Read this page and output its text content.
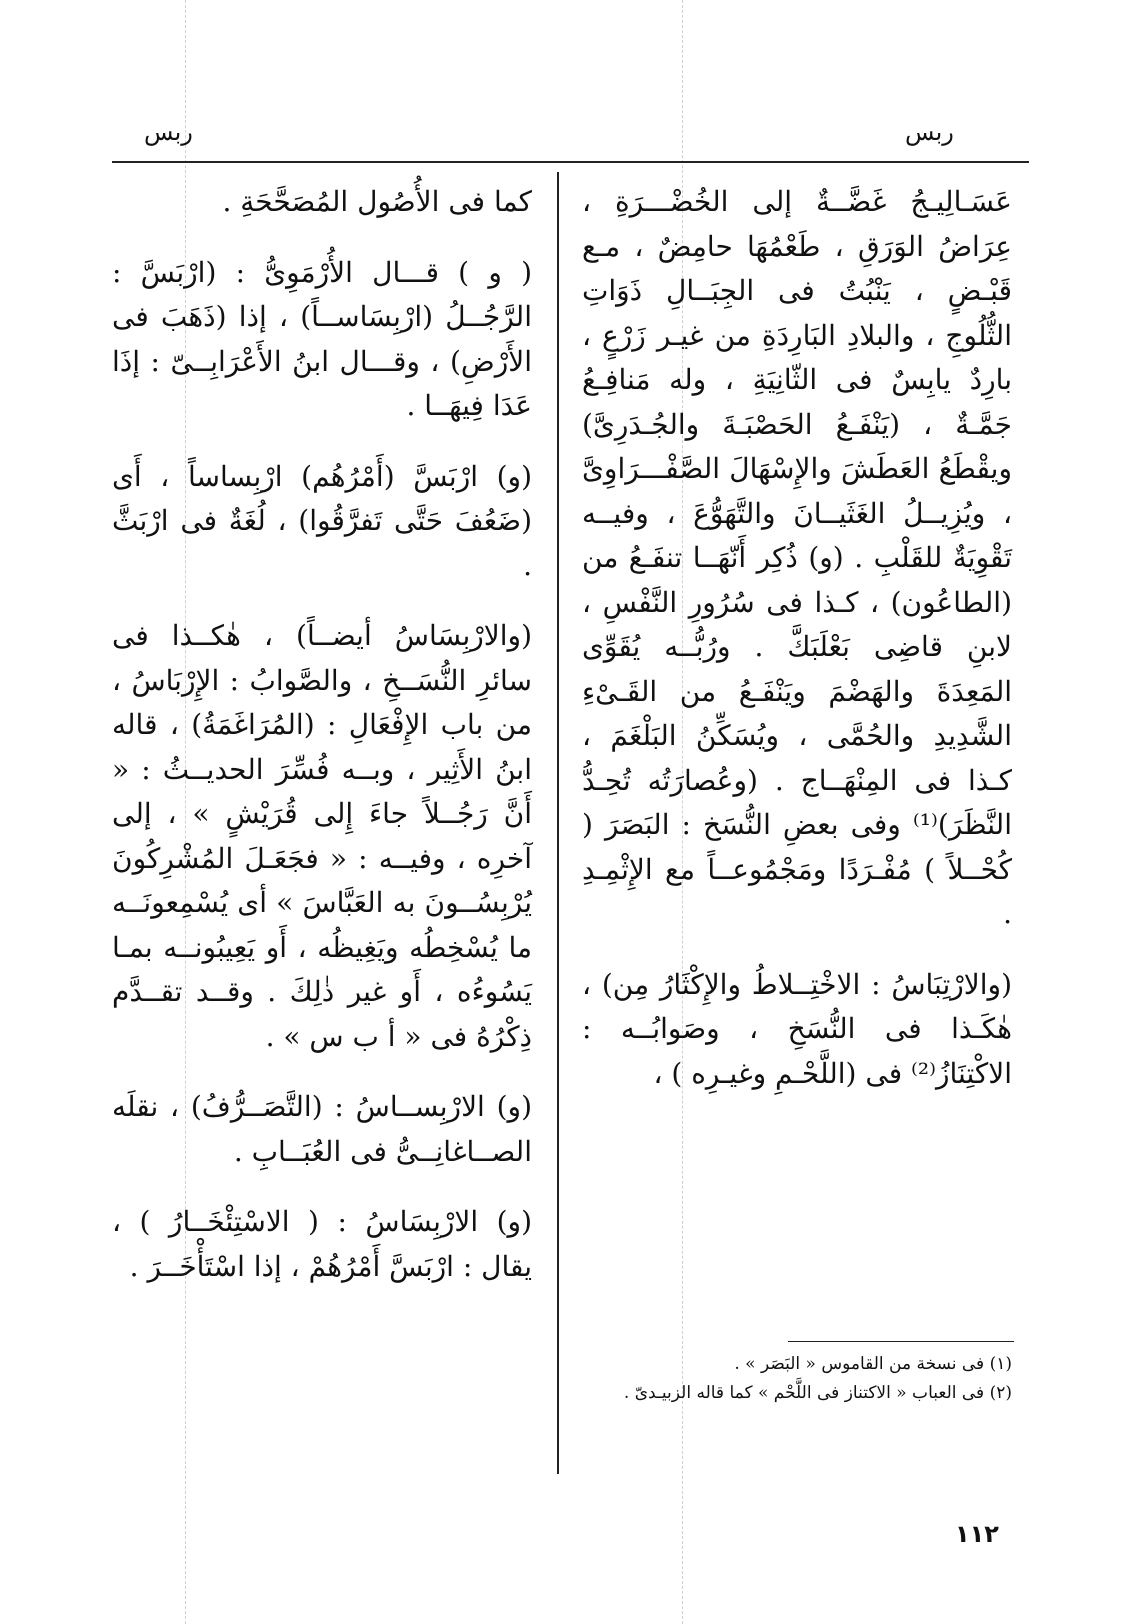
ربس
ربس

عَسَـالِيـجُ غَضَّــةٌ إلى الخُضْـــرَةِ ، عِرَاضُ الوَرَقِ ، طَعْمُهَا حامِضٌ ، مـع قَبْـضٍ ، يَنْبُتُ فى الجِبَــالِ ذَوَاتِ الثُّلُوجِ ، والبلادِ البَارِدَةِ من غيـر زَرْعٍ ، بارِدٌ يابِسٌ فى الثّانِيَةِ ، وله مَنافِـعُ جَمَّـةٌ ، (يَنْفَـعُ الحَصْبَـةَ والجُـدَرِىَّ) ويقْطَعُ العَطَشَ والإِسْهَالَ الصَّفْـــرَاوِىَّ ، ويُزِيــلُ الغَثَيــانَ والتَّهَوُّعَ ، وفيــه تَقْوِيَةٌ للقَلْبِ . (و) ذُكِر أَنّهَــا تنفَـعُ من (الطاعُون) ، كـذا فى سُرُورِ النَّفْسِ ، لابنِ قاضِى بَعْلَبَكَّ . ورُبُّــه يُقَوِّى المَعِدَةَ والهَضْمَ ويَنْفَـعُ من القَـىْءِ الشَّدِيدِ والحُمَّى ، ويُسَكِّنُ البَلْغَمَ ، كـذا فى المِنْهَــاج . (وعُصارَتُه تُحِـدُّ النَّظَرَ)⁽¹⁾ وفى بعضِ النُّسَخ : البَصَرَ ( كُحْــلاً ) مُفْـرَدًا ومَجْمُوعــاً مع الإِثْمِـدِ .

(والارْتِبَاسُ : الاخْتِــلاطُ والإِكْثَارُ مِن) ، هٰكَـذا فى النُّسَخِ ، وصَوابُــه : الاكْتِنَازُ⁽²⁾ فى (اللَّحْـمِ وغيـرِه ) ،

(١) فى نسخة من القاموس « البَصَر » .

(٢) فى العباب « الاكتناز فى اللَّحْم » كما قاله الزبيـدىّ .

كما فى الأُصُول المُصَحَّحَةِ .

( و ) قـــال الأُرْمَوِىُّ : (ارْبَسَّ : الرَّجُــلُ (ارْبِسَاســاً) ، إذا (ذَهَبَ فى الأَرْضِ) ، وقـــال ابنُ الأَعْرَابِــىّ : إذَا عَدَا فِيهَــا .

(و) ارْبَسَّ (أَمْرُهُم) ارْبِساساً ، أَى (ضَعُفَ حَتَّى تَفرَّقُوا) ، لُغَةٌ فى ارْبَثَّ .

(والارْبِسَاسُ أيضــاً) ، هٰكــذا فى سائرِ النُّسَــخِ ، والصَّوابُ : الإِرْبَاسُ ، من باب الإِفْعَالِ : (المُرَاغَمَةُ) ، قاله ابنُ الأَثِير ، وبــه فُسِّرَ الحديــثُ : « أَنَّ رَجُــلاً جاءَ إِلى قُرَيْشٍ » ، إلى آخرِه ، وفيــه : « فجَعَـلَ المُشْرِكُونَ يُرْبِسُــونَ به العَبَّاسَ » أى يُسْمِعونَــه ما يُسْخِطُه ويَغِيظُه ، أَو يَعِيبُونــه بمـا يَسُوءُه ، أَو غير ذٰلِكَ . وقــد تقــدَّم ذِكْرُهُ فى « أ ب س » .

(و) الارْبِســاسُ : (التَّصَــرُّفُ) ، نقلَه الصــاغانِــىُّ فى العُبَــابِ .

(و) الارْبِسَاسُ : ( الاسْتِئْخَــارُ ) ، يقال : ارْبَسَّ أَمْرُهُمْ ، إذا اسْتَأْخَــرَ .

١١٢
